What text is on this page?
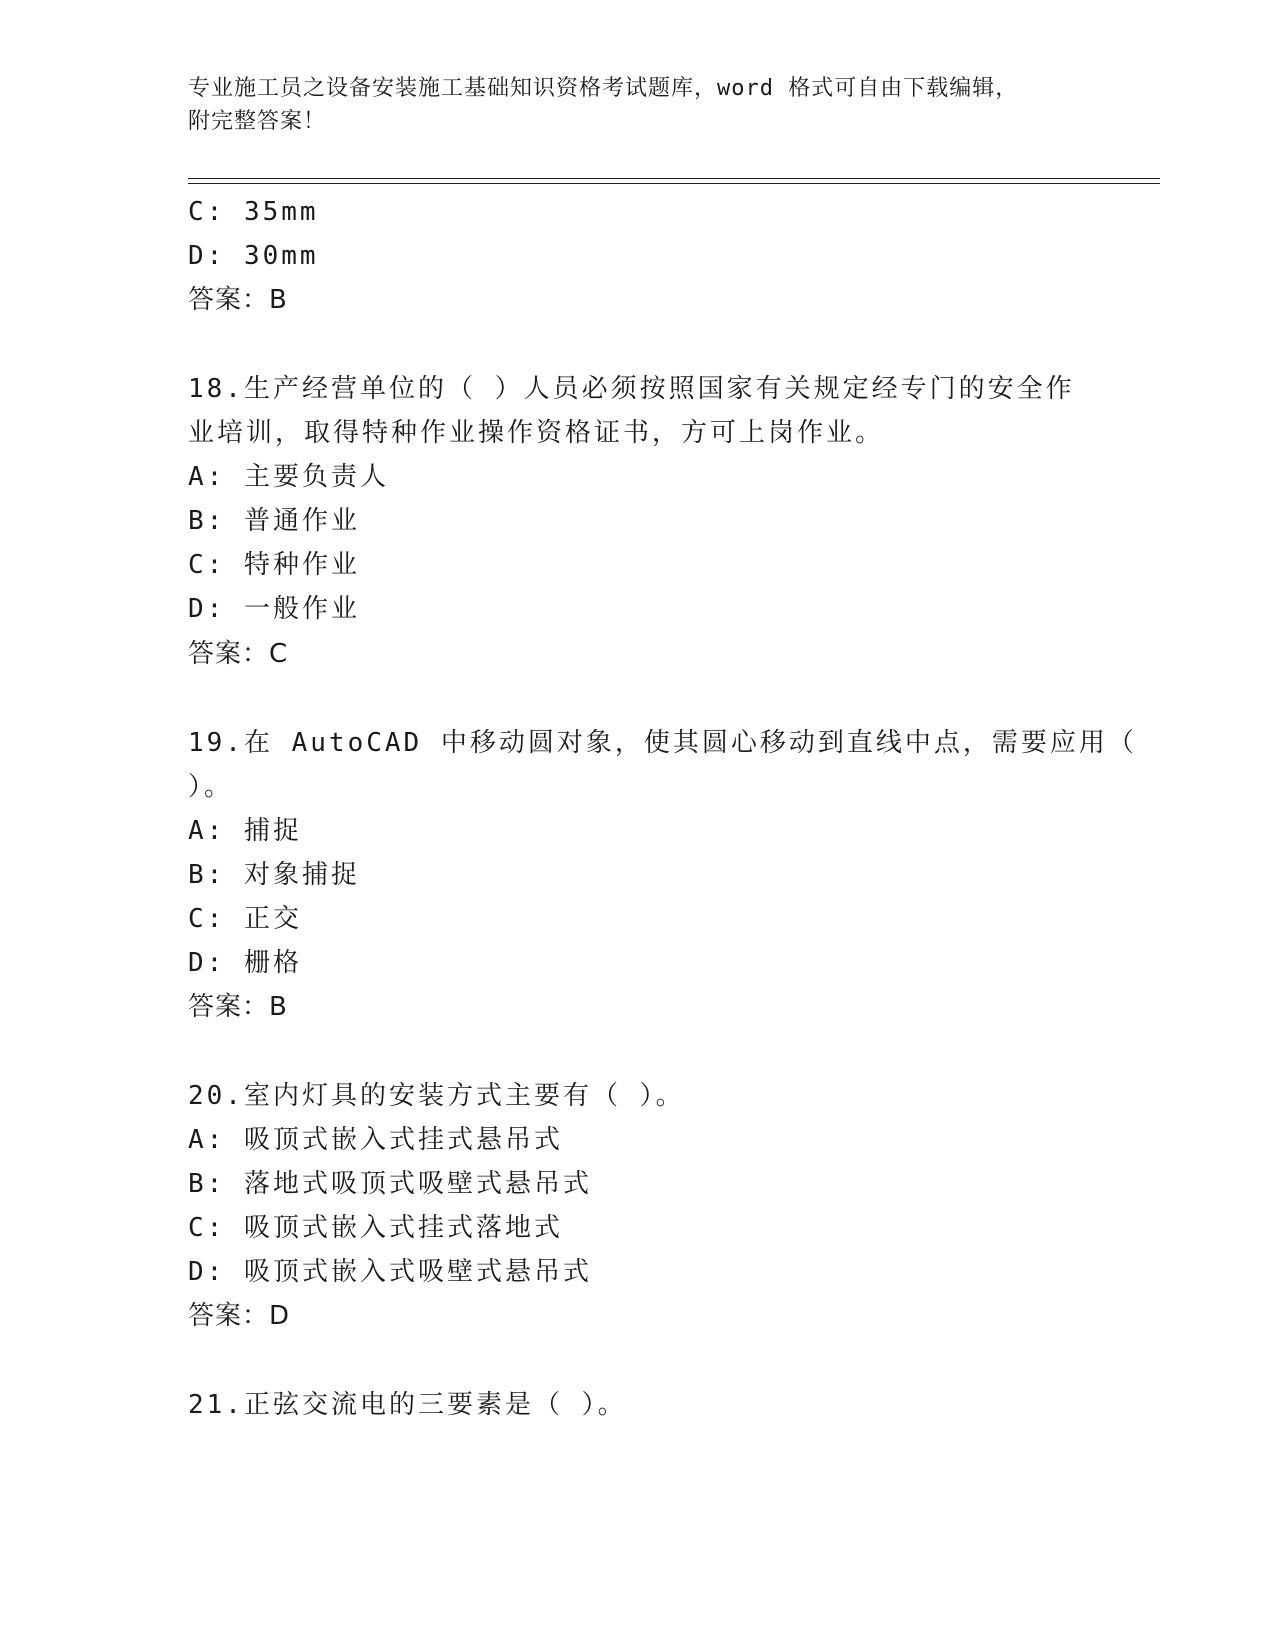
专业施工员之设备安装施工基础知识资格考试题库，word 格式可自由下载编辑，
附完整答案！
C: 35mm
D: 30mm
答案：B
18.生产经营单位的（ ）人员必须按照国家有关规定经专门的安全作
业培训，取得特种作业操作资格证书，方可上岗作业。
A: 主要负责人
B: 普通作业
C: 特种作业
D: 一般作业
答案：C
19.在 AutoCAD 中移动圆对象，使其圆心移动到直线中点，需要应用（
）。
A: 捕捉
B: 对象捕捉
C: 正交
D: 栅格
答案：B
20.室内灯具的安装方式主要有（ ）。
A: 吸顶式嵌入式挂式悬吊式
B: 落地式吸顶式吸壁式悬吊式
C: 吸顶式嵌入式挂式落地式
D: 吸顶式嵌入式吸壁式悬吊式
答案：D
21.正弦交流电的三要素是（ ）。
